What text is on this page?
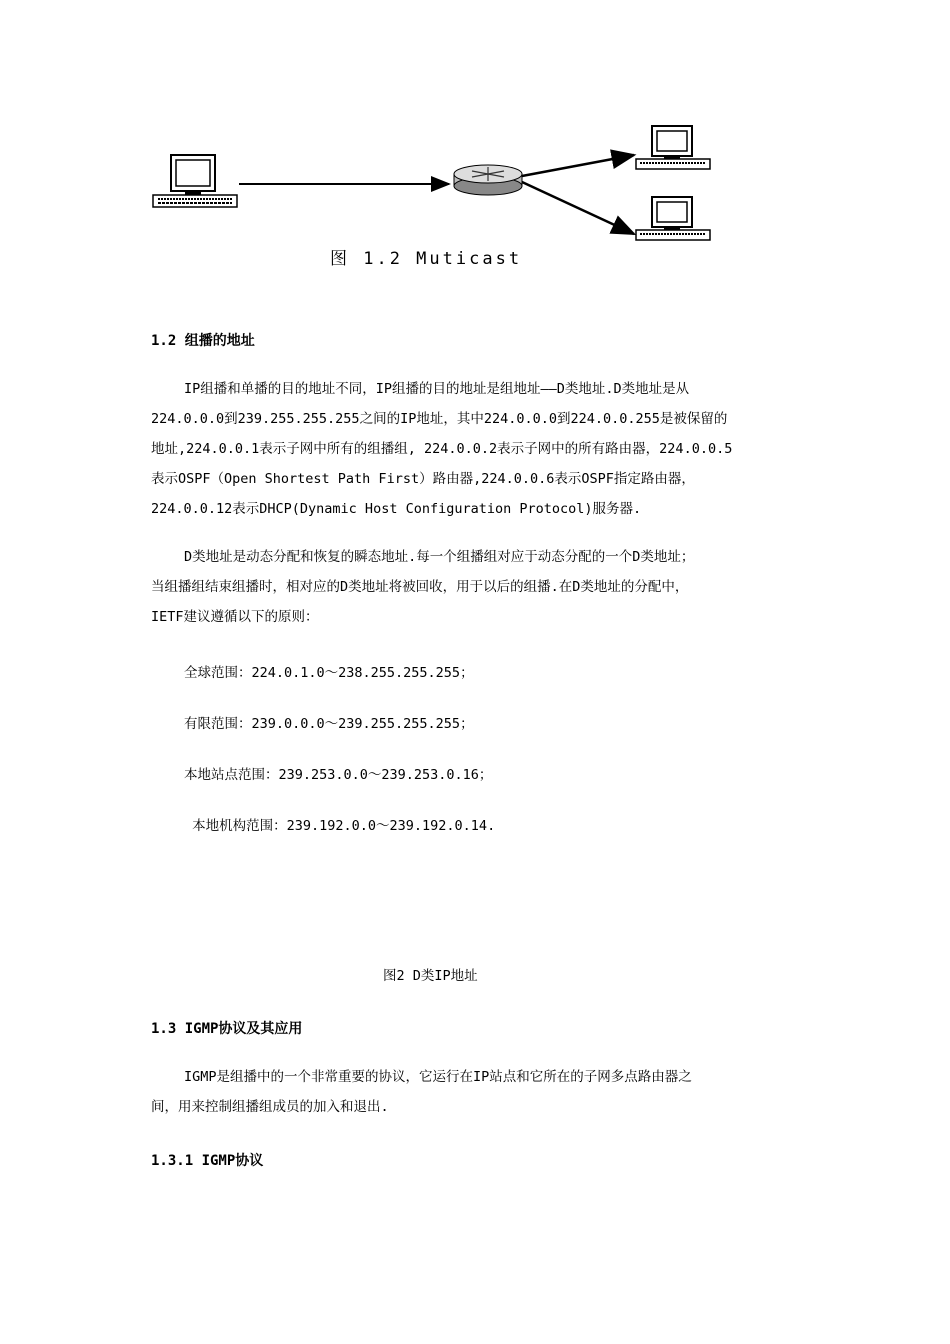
图 1.2 Muticast
1.2 组播的地址
IP组播和单播的目的地址不同，IP组播的目的地址是组地址——D类地址.D类地址是从
224.0.0.0到239.255.255.255之间的IP地址，其中224.0.0.0到224.0.0.255是被保留的
地址,224.0.0.1表示子网中所有的组播组, 224.0.0.2表示子网中的所有路由器，224.0.0.5
表示OSPF（Open Shortest Path First）路由器,224.0.0.6表示OSPF指定路由器，
224.0.0.12表示DHCP(Dynamic Host Configuration Protocol)服务器.
D类地址是动态分配和恢复的瞬态地址.每一个组播组对应于动态分配的一个D类地址；
当组播组结束组播时，相对应的D类地址将被回收，用于以后的组播.在D类地址的分配中，
IETF建议遵循以下的原则：
全球范围：224.0.1.0～238.255.255.255；
有限范围：239.0.0.0～239.255.255.255；
本地站点范围：239.253.0.0～239.253.0.16；
本地机构范围：239.192.0.0～239.192.0.14.
图2 D类IP地址
1.3 IGMP协议及其应用
IGMP是组播中的一个非常重要的协议，它运行在IP站点和它所在的子网多点路由器之
间，用来控制组播组成员的加入和退出.
1.3.1 IGMP协议
